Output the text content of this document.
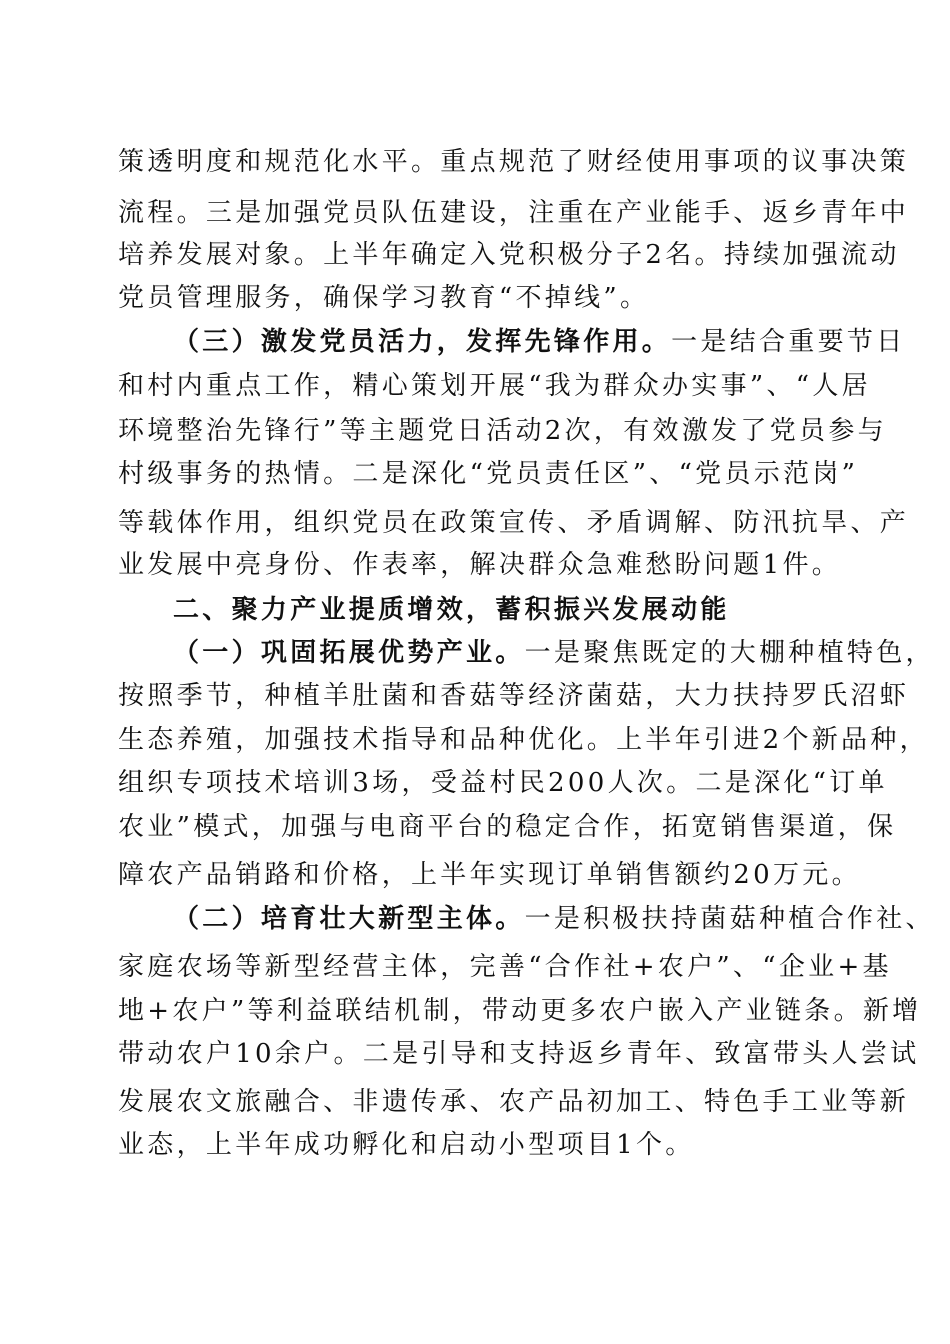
策透明度和规范化水平。重点规范了财经使用事项的议事决策
流程。三是加强党员队伍建设，注重在产业能手、返乡青年中
培养发展对象。上半年确定入党积极分子2名。持续加强流动
党员管理服务，确保学习教育“不掉线”。
（三）激发党员活力，发挥先锋作用。一是结合重要节日
和村内重点工作，精心策划开展“我为群众办实事”、“人居
环境整治先锋行”等主题党日活动2次，有效激发了党员参与
村级事务的热情。二是深化“党员责任区”、“党员示范岗”
等载体作用，组织党员在政策宣传、矛盾调解、防汛抗旱、产
业发展中亮身份、作表率，解决群众急难愁盼问题1件。
二、聚力产业提质增效，蓄积振兴发展动能
（一）巩固拓展优势产业。一是聚焦既定的大棚种植特色，
按照季节，种植羊肚菌和香菇等经济菌菇，大力扶持罗氏沼虾
生态养殖，加强技术指导和品种优化。上半年引进2个新品种，
组织专项技术培训3场，受益村民200人次。二是深化“订单
农业”模式，加强与电商平台的稳定合作，拓宽销售渠道，保
障农产品销路和价格，上半年实现订单销售额约20万元。
（二）培育壮大新型主体。一是积极扶持菌菇种植合作社、
家庭农场等新型经营主体，完善“合作社+农户”、“企业+基
地+农户”等利益联结机制，带动更多农户嵌入产业链条。新增
带动农户10余户。二是引导和支持返乡青年、致富带头人尝试
发展农文旅融合、非遗传承、农产品初加工、特色手工业等新
业态，上半年成功孵化和启动小型项目1个。
